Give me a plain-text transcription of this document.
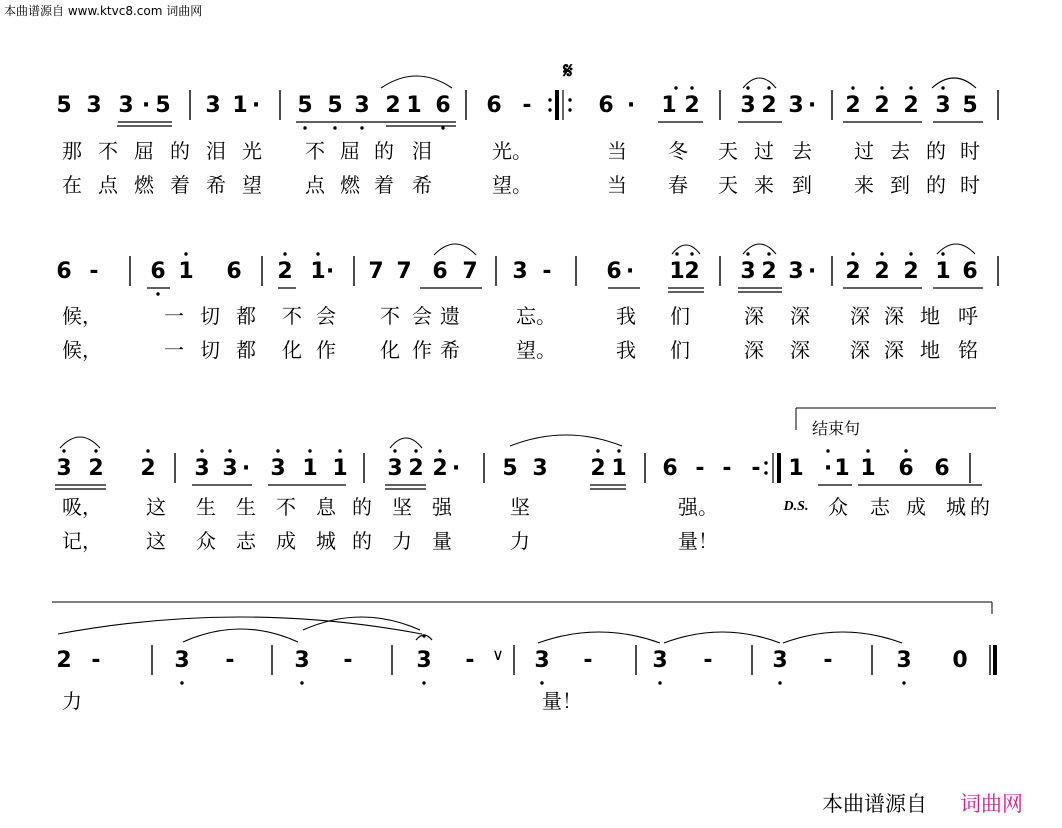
本曲谱源自 www.ktvc8.com 词曲网
5 3 3 · 5 3 1 · 5 5 3 2 1 6 6 -	6 · 1 2 3 2 3 · 2 2 2 3 5
那 不 屈 的 泪 光 不 屈 的 泪	光。	当 冬 天 过 去 过 去 的 时
在 点 燃 着 希 望 点 燃 着 希	望。	当 春 天 来 到 来 到 的 时
6 - 6 1 6 2 1 · 7 7 6 7 3 - 6 · 1 2 3 2 3 · 2 2 2 1 6
候，	一 切 都 不 会 不 会 遗	忘。	我 们	深 深 深 深 地 呼
候，	一 切 都 化 作 化 作 希	望。	我 们	深 深 深 深 地 铭
3 2 2 3 3 · 3 1 1 3 2 2 · 5 3 2 1 6 - - - 1 · 1 1 6 6
吸， 这 生 生 不 息 的 坚 强	坚	强。	众 志 成 城 的
记， 这 众 志 成 城 的 力 量	力	量！
2 -	3 -	3 -	3 -	3 -	3 -	3 -	3 0
力	量！
𝄋
结束句
D.S.
∨
本曲谱源自 词曲网
